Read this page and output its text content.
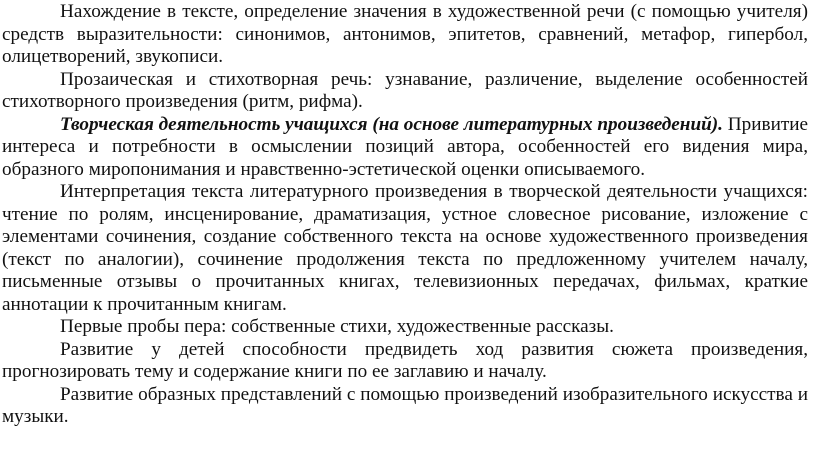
Нахождение в тексте, определение значения в художественной речи (с помощью учителя) средств выразительности: синонимов, антонимов, эпитетов, сравнений, метафор, гипербол, олицетворений, звукописи.

Прозаическая и стихотворная речь: узнавание, различение, выделение особенностей стихотворного произведения (ритм, рифма).

Творческая деятельность учащихся (на основе литературных произведений). Привитие интереса и потребности в осмыслении позиций автора, особенностей его видения мира, образного миропонимания и нравственно-эстетической оценки описываемого.

Интерпретация текста литературного произведения в творческой деятельности учащихся: чтение по ролям, инсценирование, драматизация, устное словесное рисование, изложение с элементами сочинения, создание собственного текста на основе художественного произведения (текст по аналогии), сочинение продолжения текста по предложенному учителем началу, письменные отзывы о прочитанных книгах, телевизионных передачах, фильмах, краткие аннотации к прочитанным книгам.

Первые пробы пера: собственные стихи, художественные рассказы.

Развитие у детей способности предвидеть ход развития сюжета произведения, прогнозировать тему и содержание книги по ее заглавию и началу.

Развитие образных представлений с помощью произведений изобразительного искусства и музыки.
